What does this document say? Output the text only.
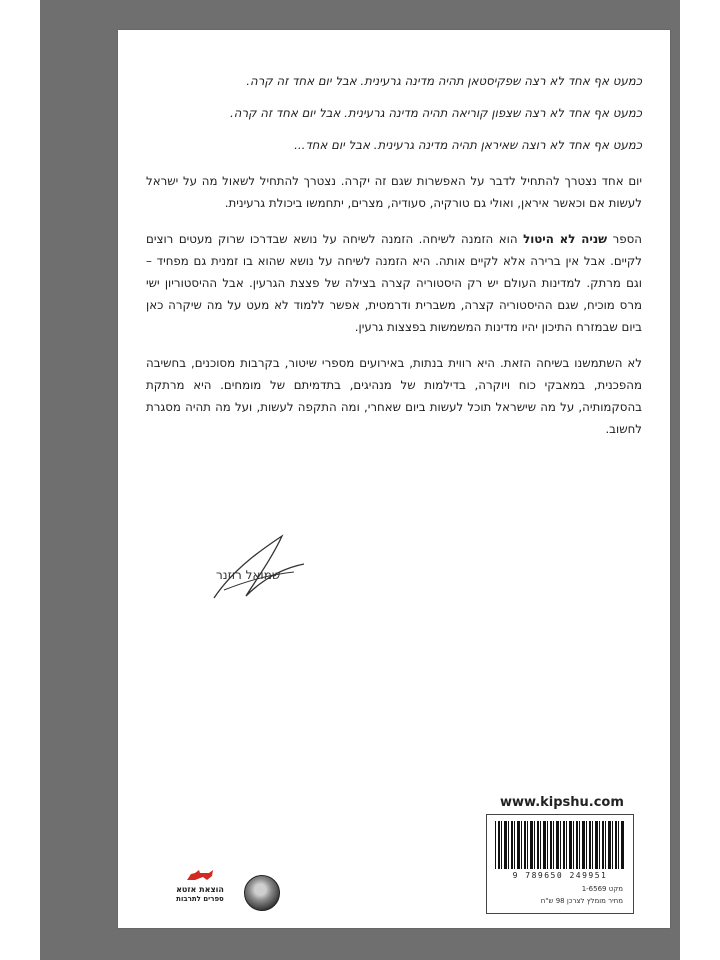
כמעט אף אחד לא רצה שפקיסטאן תהיה מדינה גרעינית. אבל יום אחד זה קרה.

כמעט אף אחד לא רצה שצפון קוריאה תהיה מדינה גרעינית. אבל יום אחד זה קרה.

כמעט אף אחד לא רוצה שאיראן תהיה מדינה גרעינית. אבל יום אחד...

יום אחד נצטרך להתחיל לדבר על האפשרות שגם זה יקרה. נצטרך להתחיל לשאול מה על ישראל לעשות אם וכאשר איראן, ואולי גם טורקיה, סעודיה, מצרים, יתחמשו ביכולת גרעינית.

הספר שניה לא היטול הוא הזמנה לשיחה. הזמנה לשיחה על נושא שבדרכו שרוק מעטים רוצים לקיים. אבל אין ברירה אלא לקיים אותה. היא הזמנה לשיחה על נושא שהוא בו זמנית גם מפחיד – וגם מרתק. למדינות העולם יש רק היסטוריה קצרה בצילה של פצצת הגרעין. אבל ההיסטוריון ישי מרס מוכיח, שגם ההיסטוריה קצרה, משברית ודרמטית, אפשר ללמוד לא מעט על מה שיקרה כאן ביום שבמזרח התיכון יהיו מדינות המשמשות בפצצות גרעין.

לא השתמשנו בשיחה הזאת. היא רווית בנתות, באירועים מספרי שיטור, בקרבות מסוכנים, בחשיבה מהפכנית, במאבקי כוח ויוקרה, בדילמות של מנהיגים, בתדמיתם של מומחים. היא מרתקת בהסקמותיה, על מה שישראל תוכל לעשות ביום שאחרי, ומה התקפה לעשות, ועל מה תהיה מסגרת לחשוב.

שמואל רוזנר
www.kipshu.com
9 789650 249951
מקט 1-6569
מחיר מומלץ לצרכן 98 ש"ח
הוצאת אזטא
ספרים לתרבות
